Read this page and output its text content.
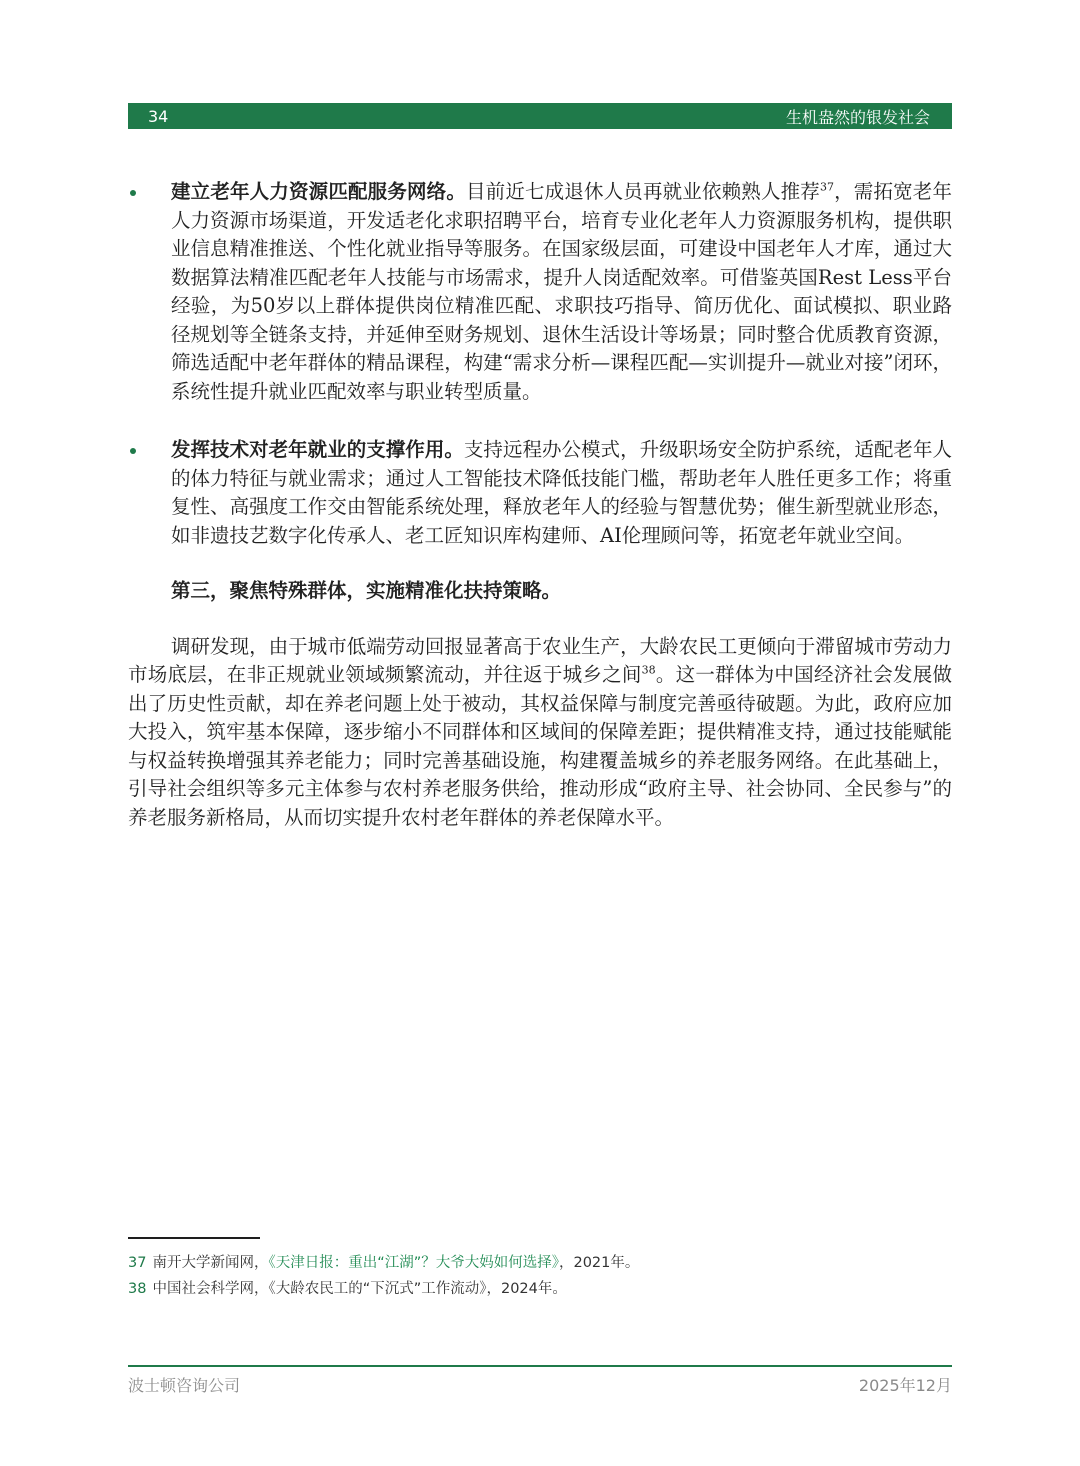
34	生机盎然的银发社会
建立老年人力资源匹配服务网络。目前近七成退休人员再就业依赖熟人推荐$^{37}$，需拓宽老年人力资源市场渠道，开发适老化求职招聘平台，培育专业化老年人力资源服务机构，提供职业信息精准推送、个性化就业指导等服务。在国家级层面，可建设中国老年人才库，通过大数据算法精准匹配老年人技能与市场需求，提升人岗适配效率。可借鉴英国Rest Less平台经验，为50岁以上群体提供岗位精准匹配、求职技巧指导、简历优化、面试模拟、职业路径规划等全链条支持，并延伸至财务规划、退休生活设计等场景；同时整合优质教育资源，筛选适配中老年群体的精品课程，构建“需求分析—课程匹配—实训提升—就业对接”闭环，系统性提升就业匹配效率与职业转型质量。
发挥技术对老年就业的支撑作用。支持远程办公模式，升级职场安全防护系统，适配老年人的体力特征与就业需求；通过人工智能技术降低技能门槛，帮助老年人胜任更多工作；将重复性、高强度工作交由智能系统处理，释放老年人的经验与智慧优势；催生新型就业形态，如非遗技艺数字化传承人、老工匠知识库构建师、AI伦理顾问等，拓宽老年就业空间。
第三，聚焦特殊群体，实施精准化扶持策略。
调研发现，由于城市低端劳动回报显著高于农业生产，大龄农民工更倾向于滞留城市劳动力市场底层，在非正规就业领域频繁流动，并往返于城乡之间$^{38}$。这一群体为中国经济社会发展做出了历史性贡献，却在养老问题上处于被动，其权益保障与制度完善亟待破题。为此，政府应加大投入，筑牢基本保障，逐步缩小不同群体和区域间的保障差距；提供精准支持，通过技能赋能与权益转换增强其养老能力；同时完善基础设施，构建覆盖城乡的养老服务网络。在此基础上，引导社会组织等多元主体参与农村养老服务供给，推动形成“政府主导、社会协同、全民参与”的养老服务新格局，从而切实提升农村老年群体的养老保障水平。
37 南开大学新闻网，《天津日报：重出“江湖”？大爷大妈如何选择》，2021年。
38 中国社会科学网，《大龄农民工的“下沉式”工作流动》，2024年。
波士顿咨询公司	2025年12月
